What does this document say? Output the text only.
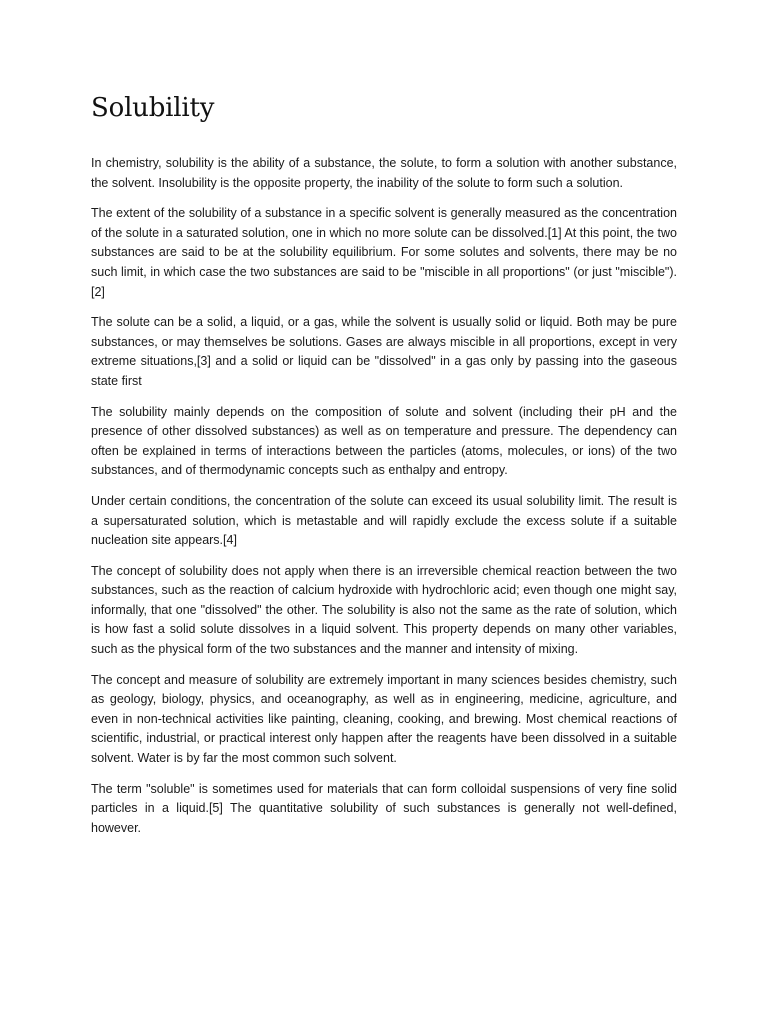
Solubility

In chemistry, solubility is the ability of a substance, the solute, to form a solution with another substance, the solvent. Insolubility is the opposite property, the inability of the solute to form such a solution.

The extent of the solubility of a substance in a specific solvent is generally measured as the concentration of the solute in a saturated solution, one in which no more solute can be dissolved.[1] At this point, the two substances are said to be at the solubility equilibrium. For some solutes and solvents, there may be no such limit, in which case the two substances are said to be "miscible in all proportions" (or just "miscible").[2]

The solute can be a solid, a liquid, or a gas, while the solvent is usually solid or liquid. Both may be pure substances, or may themselves be solutions. Gases are always miscible in all proportions, except in very extreme situations,[3] and a solid or liquid can be "dissolved" in a gas only by passing into the gaseous state first

The solubility mainly depends on the composition of solute and solvent (including their pH and the presence of other dissolved substances) as well as on temperature and pressure. The dependency can often be explained in terms of interactions between the particles (atoms, molecules, or ions) of the two substances, and of thermodynamic concepts such as enthalpy and entropy.

Under certain conditions, the concentration of the solute can exceed its usual solubility limit. The result is a supersaturated solution, which is metastable and will rapidly exclude the excess solute if a suitable nucleation site appears.[4]

The concept of solubility does not apply when there is an irreversible chemical reaction between the two substances, such as the reaction of calcium hydroxide with hydrochloric acid; even though one might say, informally, that one "dissolved" the other. The solubility is also not the same as the rate of solution, which is how fast a solid solute dissolves in a liquid solvent. This property depends on many other variables, such as the physical form of the two substances and the manner and intensity of mixing.

The concept and measure of solubility are extremely important in many sciences besides chemistry, such as geology, biology, physics, and oceanography, as well as in engineering, medicine, agriculture, and even in non-technical activities like painting, cleaning, cooking, and brewing. Most chemical reactions of scientific, industrial, or practical interest only happen after the reagents have been dissolved in a suitable solvent. Water is by far the most common such solvent.

The term "soluble" is sometimes used for materials that can form colloidal suspensions of very fine solid particles in a liquid.[5] The quantitative solubility of such substances is generally not well-defined, however.
